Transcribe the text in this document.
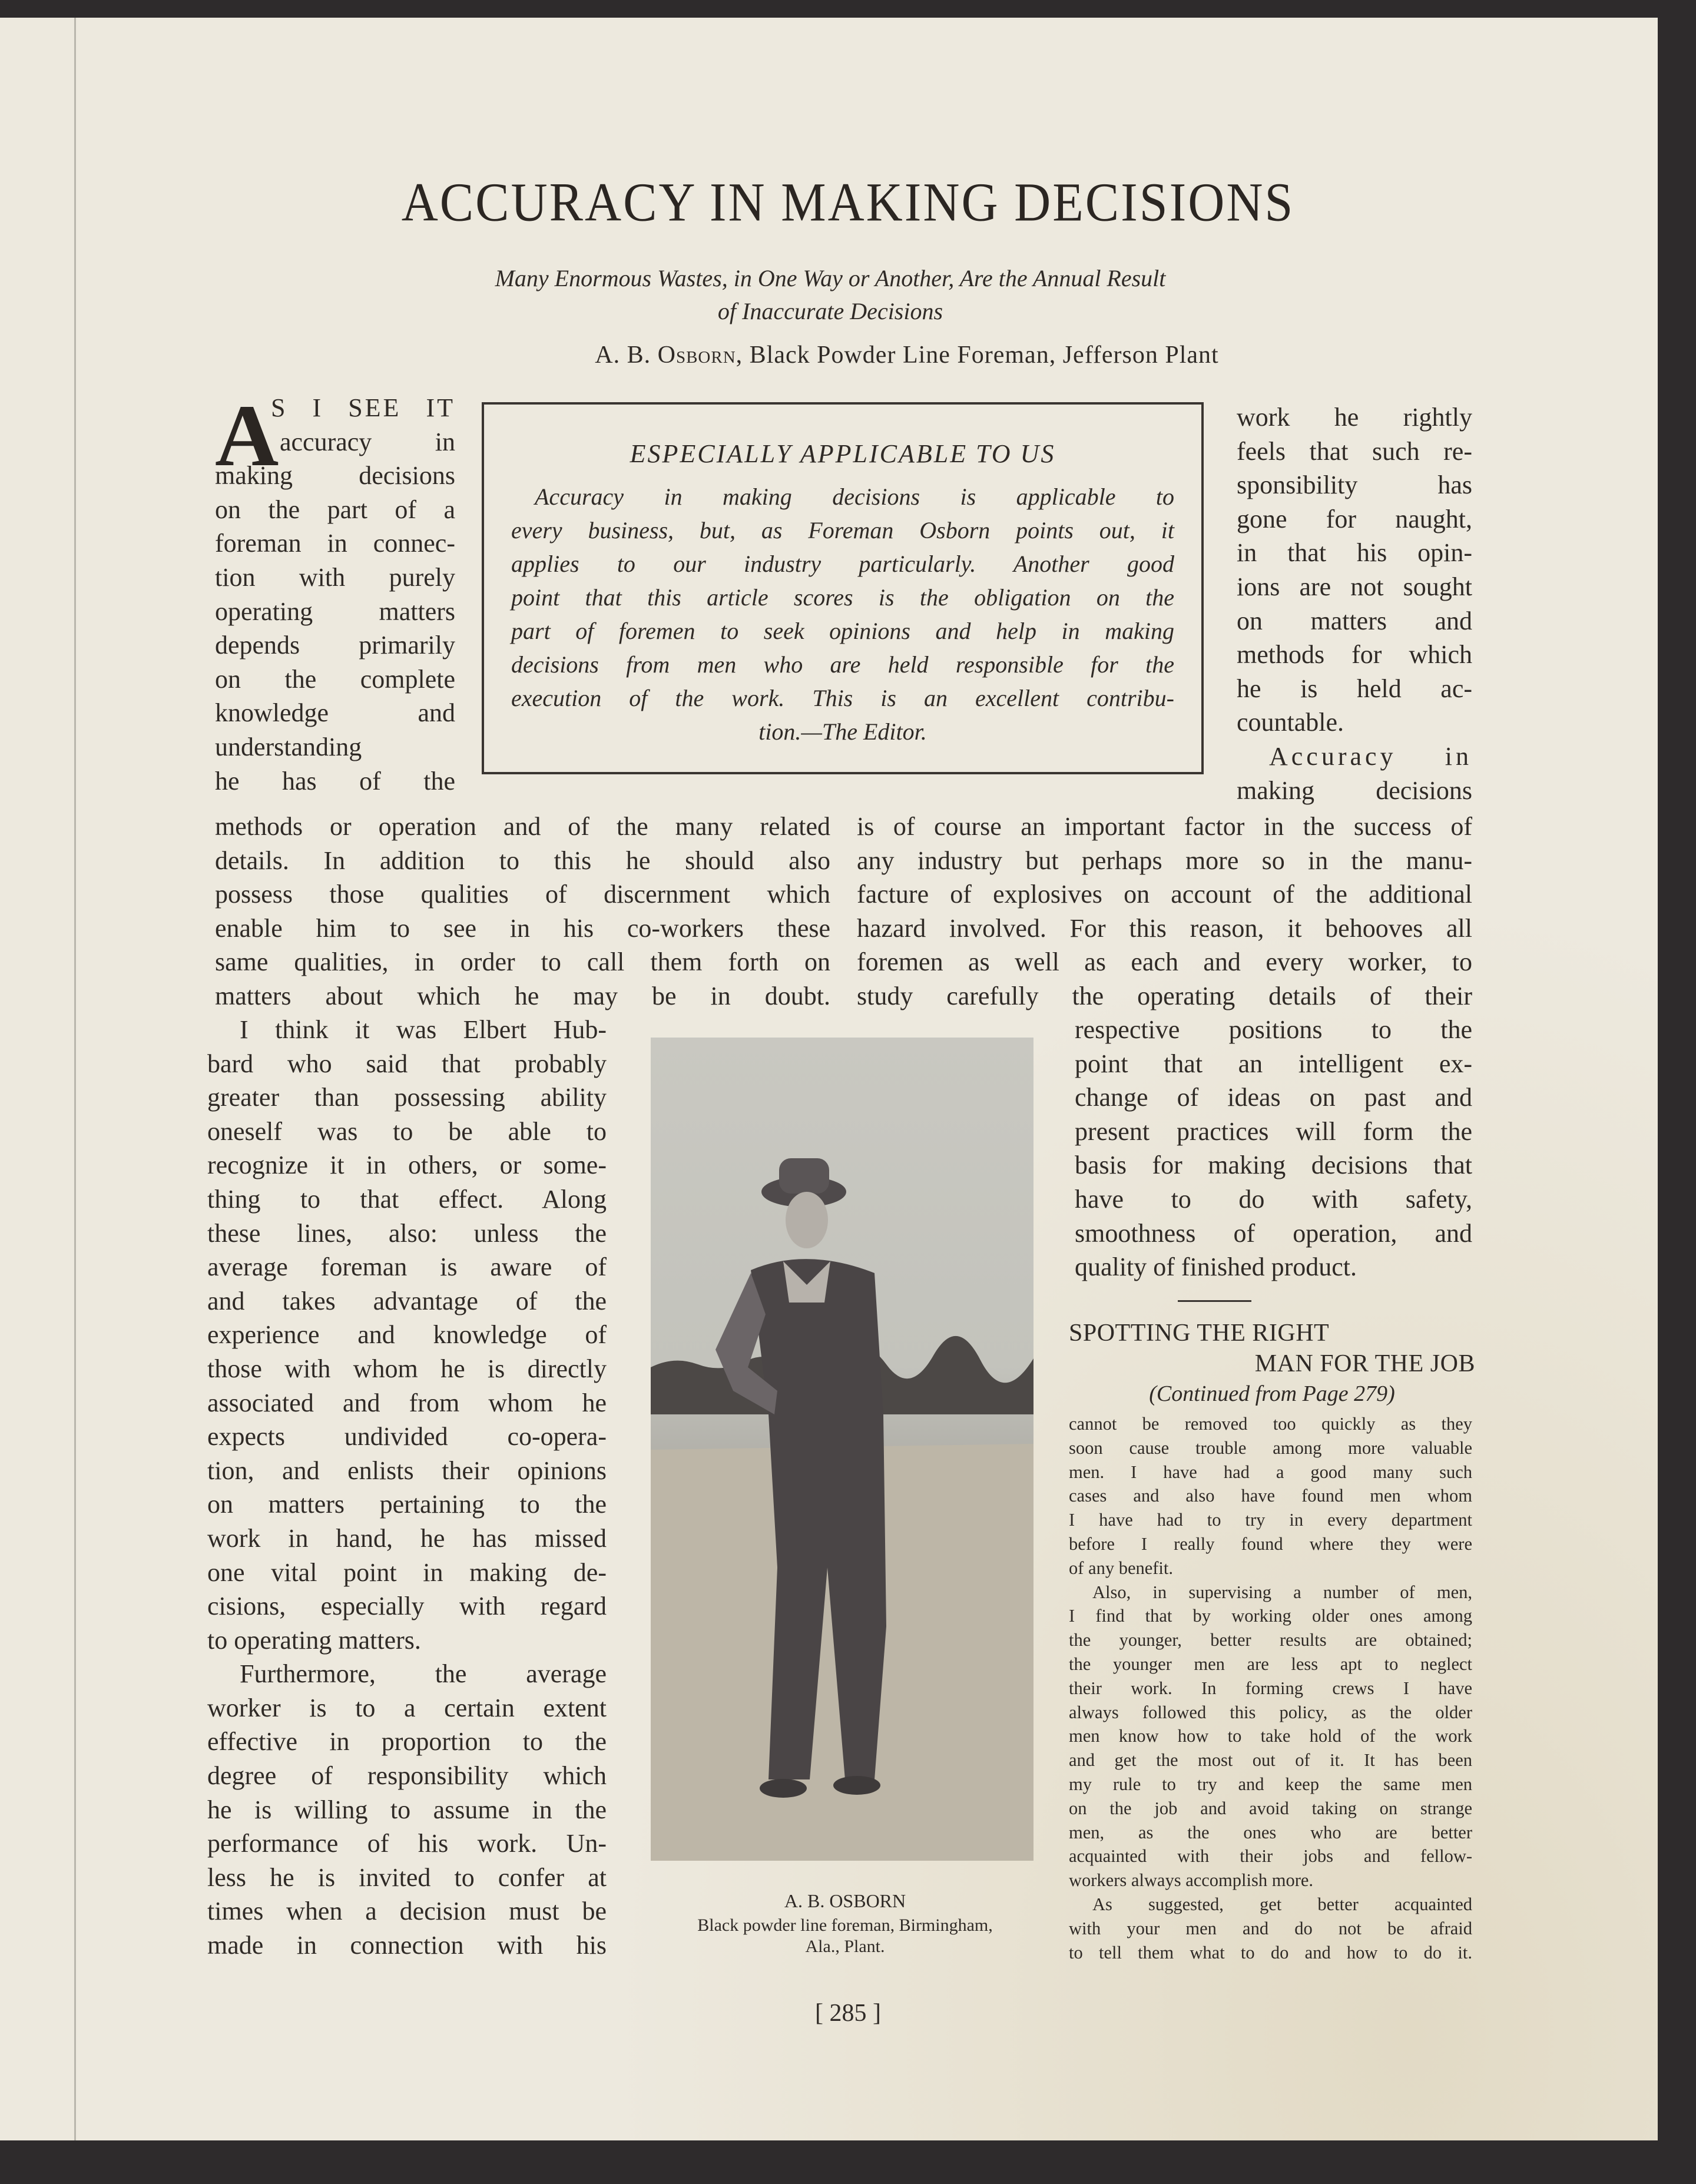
ACCURACY IN MAKING DECISIONS
Many Enormous Wastes, in One Way or Another, Are the Annual Result
of Inaccurate Decisions
A. B. Osborn, Black Powder Line Foreman, Jefferson Plant
A
S I SEE IT
accuracy in
making decisions
on the part of a
foreman in connec-
tion with purely
operating matters
depends primarily
on the complete
knowledge and
understanding
he has of the
ESPECIALLY APPLICABLE TO US
Accuracy in making decisions is applicable to
every business, but, as Foreman Osborn points out, it
applies to our industry particularly. Another good
point that this article scores is the obligation on the
part of foremen to seek opinions and help in making
decisions from men who are held responsible for the
execution of the work. This is an excellent contribu-
tion.—The Editor.
work he rightly
feels that such re-
sponsibility has
gone for naught,
in that his opin-
ions are not sought
on matters and
methods for which
he is held ac-
countable.
Accuracy in
making decisions
methods or operation and of the many related
details. In addition to this he should also
possess those qualities of discernment which
enable him to see in his co-workers these
same qualities, in order to call them forth on
matters about which he may be in doubt.
is of course an important factor in the success of
any industry but perhaps more so in the manu-
facture of explosives on account of the additional
hazard involved. For this reason, it behooves all
foremen as well as each and every worker, to
study carefully the operating details of their
I think it was Elbert Hub-
bard who said that probably
greater than possessing ability
oneself was to be able to
recognize it in others, or some-
thing to that effect. Along
these lines, also: unless the
average foreman is aware of
and takes advantage of the
experience and knowledge of
those with whom he is directly
associated and from whom he
expects undivided co-opera-
tion, and enlists their opinions
on matters pertaining to the
work in hand, he has missed
one vital point in making de-
cisions, especially with regard
to operating matters.
Furthermore, the average
worker is to a certain extent
effective in proportion to the
degree of responsibility which
he is willing to assume in the
performance of his work. Un-
less he is invited to confer at
times when a decision must be
made in connection with his
A. B. OSBORN
Black powder line foreman, Birmingham,
Ala., Plant.
respective positions to the
point that an intelligent ex-
change of ideas on past and
present practices will form the
basis for making decisions that
have to do with safety,
smoothness of operation, and
quality of finished product.
SPOTTING THE RIGHT
MAN FOR THE JOB
(Continued from Page 279)
cannot be removed too quickly as they
soon cause trouble among more valuable
men. I have had a good many such
cases and also have found men whom
I have had to try in every department
before I really found where they were
of any benefit.
Also, in supervising a number of men,
I find that by working older ones among
the younger, better results are obtained;
the younger men are less apt to neglect
their work. In forming crews I have
always followed this policy, as the older
men know how to take hold of the work
and get the most out of it. It has been
my rule to try and keep the same men
on the job and avoid taking on strange
men, as the ones who are better
acquainted with their jobs and fellow-
workers always accomplish more.
As suggested, get better acquainted
with your men and do not be afraid
to tell them what to do and how to do it.
[ 285 ]
